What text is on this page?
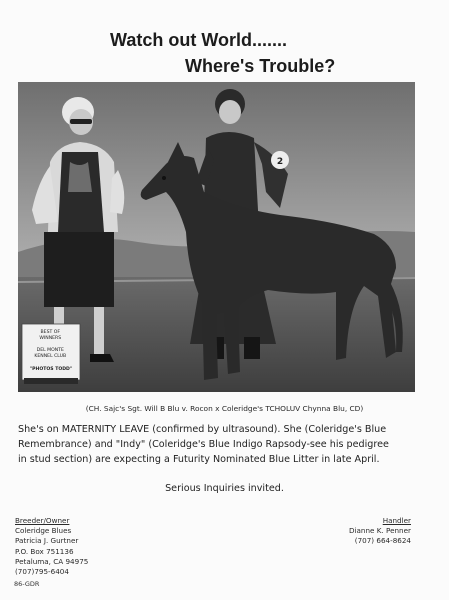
Watch out World.......
Where's Trouble?
2
BEST OF WINNERS DEL MONTE KENNEL CLUB "PHOTOS TODD"
(CH. Sajc's Sgt. Will B Blu v. Rocon x Coleridge's TCHOLUV Chynna Blu, CD)

She's on MATERNITY LEAVE (confirmed by ultrasound). She (Coleridge's Blue

Remembrance) and "Indy" (Coleridge's Blue Indigo Rapsody-see his pedigree

in stud section) are expecting a Futurity Nominated Blue Litter in late April.

Serious Inquiries invited.
Breeder/Owner
Coleridge Blues
Patricia J. Gurtner
P.O. Box 751136
Petaluma, CA 94975
(707)795-6404
Handler
Dianne K. Penner
(707) 664-8624
86-GDR
